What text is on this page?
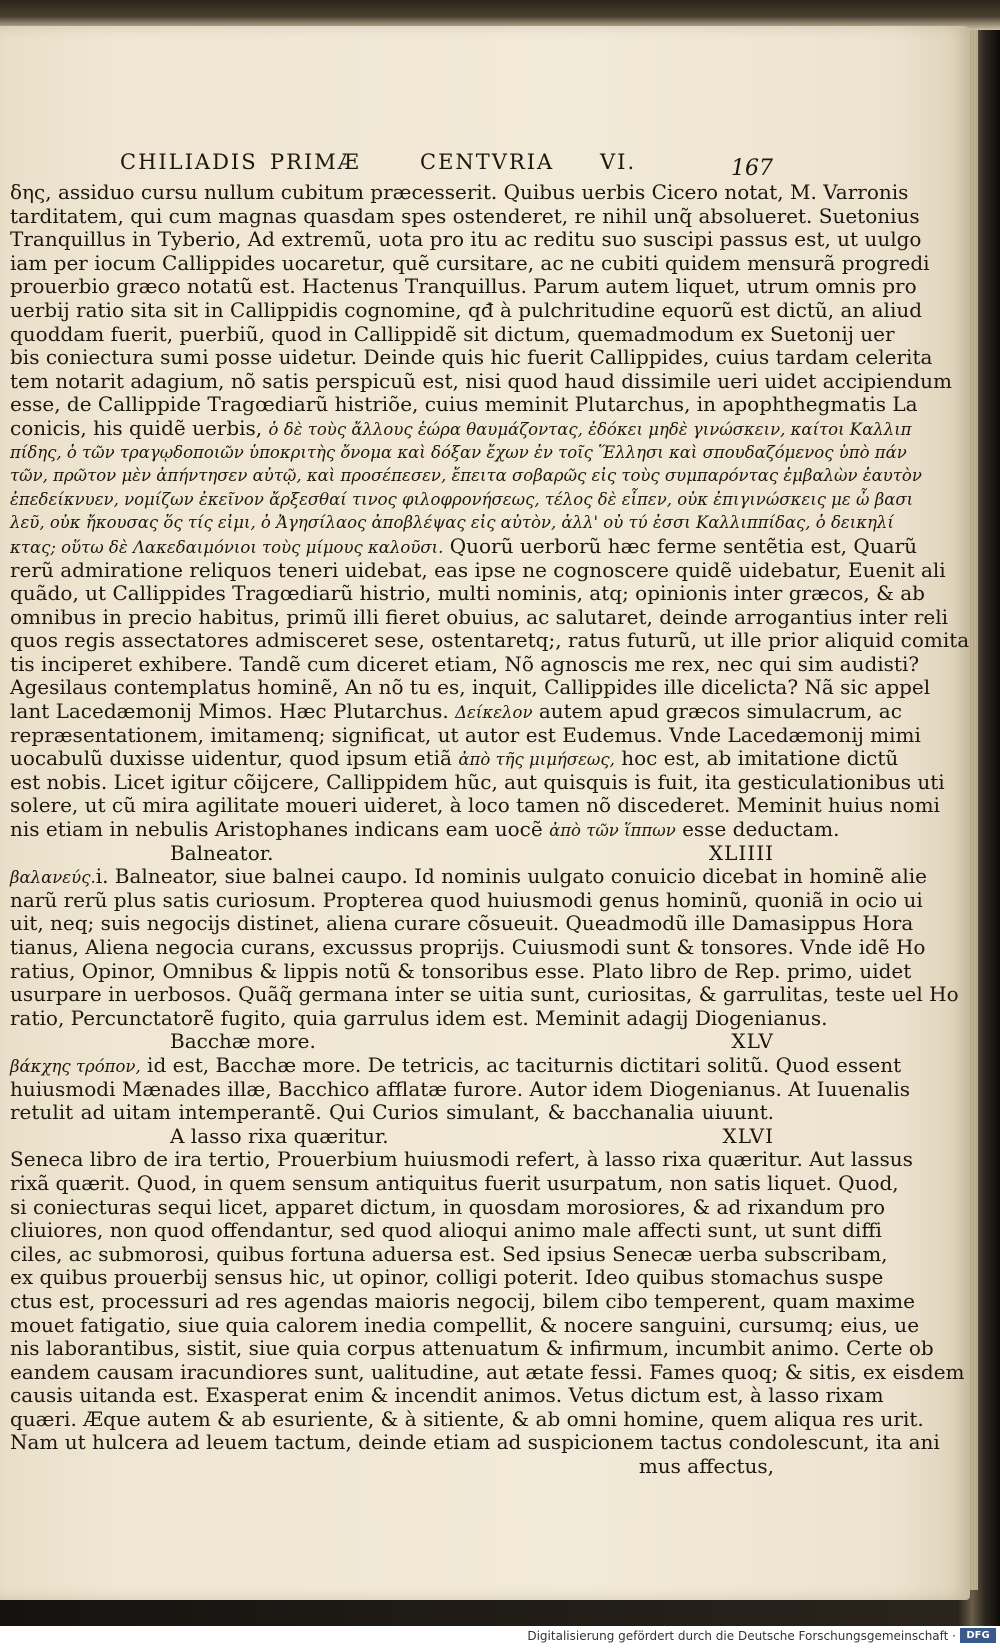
CHILIADIS PRIMÆ	CENTVRIA VI.	167
δης, assiduo cursu nullum cubitum præcesserit. Quibus uerbis Cicero notat, M. Varronis
tarditatem, qui cum magnas quasdam spes ostenderet, re nihil unq̃ absolueret. Suetonius
Tranquillus in Tyberio, Ad extremũ, uota pro itu ac reditu suo suscipi passus est, ut uulgo
iam per iocum Callippides uocaretur, quẽ cursitare, ac ne cubiti quidem mensurã progredi
prouerbio græco notatũ est. Hactenus Tranquillus. Parum autem liquet, utrum omnis pro
uerbij ratio sita sit in Callippidis cognomine, qđ à pulchritudine equorũ est dictũ, an aliud
quoddam fuerit, puerbiũ, quod in Callippidẽ sit dictum, quemadmodum ex Suetonij uer
bis coniectura sumi posse uidetur. Deinde quis hic fuerit Callippides, cuius tardam celerita
tem notarit adagium, nõ satis perspicuũ est, nisi quod haud dissimile ueri uidet accipiendum
esse, de Callippide Tragœdiarũ histriõe, cuius meminit Plutarchus, in apophthegmatis La
conicis, his quidẽ uerbis, ὁ δὲ τοὺς ἄλλους ἑώρα θαυμάζοντας, ἐδόκει μηδὲ γινώσκειν, καίτοι Καλλιπ
πίδης, ὁ τῶν τραγῳδοποιῶν ὑποκριτὴς ὄνομα καὶ δόξαν ἔχων ἐν τοῖς Ἕλλησι καὶ σπουδαζόμενος ὑπὸ πάν
τῶν, πρῶτον μὲν ἀπήντησεν αὐτῷ, καὶ προσέπεσεν, ἔπειτα σοβαρῶς εἰς τοὺς συμπαρόντας ἐμβαλὼν ἑαυτὸν
ἐπεδείκνυεν, νομίζων ἐκεῖνον ἄρξεσθαί τινος φιλοφρονήσεως, τέλος δὲ εἶπεν, οὐκ ἐπιγινώσκεις με ὦ βασι
λεῦ, οὐκ ἤκουσας ὅς τίς εἰμι, ὁ Ἀγησίλαος ἀποβλέψας εἰς αὐτὸν, ἀλλ' οὐ τύ ἐσσι Καλλιππίδας, ὁ δεικηλί
κτας; οὕτω δὲ Λακεδαιμόνιοι τοὺς μίμους καλοῦσι. Quorũ uerborũ hæc ferme sentẽtia est, Quarũ
rerũ admiratione reliquos teneri uidebat, eas ipse ne cognoscere quidẽ uidebatur, Euenit ali
quãdo, ut Callippides Tragœdiarũ histrio, multi nominis, atq; opinionis inter græcos, & ab
omnibus in precio habitus, primũ illi fieret obuius, ac salutaret, deinde arrogantius inter reli
quos regis assectatores admisceret sese, ostentaretq;, ratus futurũ, ut ille prior aliquid comita
tis inciperet exhibere. Tandẽ cum diceret etiam, Nõ agnoscis me rex, nec qui sim audisti?
Agesilaus contemplatus hominẽ, An nõ tu es, inquit, Callippides ille dicelicta? Nã sic appel
lant Lacedæmonij Mimos. Hæc Plutarchus. Δείκελον autem apud græcos simulacrum, ac
repræsentationem, imitamenq; significat, ut autor est Eudemus. Vnde Lacedæmonij mimi
uocabulũ duxisse uidentur, quod ipsum etiã ἀπὸ τῆς μιμήσεως, hoc est, ab imitatione dictũ
est nobis. Licet igitur cõijcere, Callippidem hũc, aut quisquis is fuit, ita gesticulationibus uti
solere, ut cũ mira agilitate moueri uideret, à loco tamen nõ discederet. Meminit huius nomi
nis etiam in nebulis Aristophanes indicans eam uocẽ ἀπὸ τῶν ἵππων esse deductam.
Balneator.	XLIIII
βαλανεύς.i. Balneator, siue balnei caupo. Id nominis uulgato conuicio dicebat in hominẽ alie
narũ rerũ plus satis curiosum. Propterea quod huiusmodi genus hominũ, quoniã in ocio ui
uit, neq; suis negocijs distinet, aliena curare cõsueuit. Queadmodũ ille Damasippus Hora
tianus, Aliena negocia curans, excussus proprijs. Cuiusmodi sunt & tonsores. Vnde idẽ Ho
ratius, Opinor, Omnibus & lippis notũ & tonsoribus esse. Plato libro de Rep. primo, uidet
usurpare in uerbosos. Quãq̃ germana inter se uitia sunt, curiositas, & garrulitas, teste uel Ho
ratio, Percunctatorẽ fugito, quia garrulus idem est. Meminit adagij Diogenianus.
Bacchæ more.	XLV
βάκχης τρόπον, id est, Bacchæ more. De tetricis, ac taciturnis dictitari solitũ. Quod essent
huiusmodi Mænades illæ, Bacchico afflatæ furore. Autor idem Diogenianus. At Iuuenalis
retulit ad uitam intemperantẽ. Qui Curios simulant, & bacchanalia uiuunt.
A lasso rixa quæritur.	XLVI
Seneca libro de ira tertio, Prouerbium huiusmodi refert, à lasso rixa quæritur. Aut lassus
rixã quærit. Quod, in quem sensum antiquitus fuerit usurpatum, non satis liquet. Quod,
si coniecturas sequi licet, apparet dictum, in quosdam morosiores, & ad rixandum pro
cliuiores, non quod offendantur, sed quod alioqui animo male affecti sunt, ut sunt diffi
ciles, ac submorosi, quibus fortuna aduersa est. Sed ipsius Senecæ uerba subscribam,
ex quibus prouerbij sensus hic, ut opinor, colligi poterit. Ideo quibus stomachus suspe
ctus est, processuri ad res agendas maioris negocij, bilem cibo temperent, quam maxime
mouet fatigatio, siue quia calorem inedia compellit, & nocere sanguini, cursumq; eius, ue
nis laborantibus, sistit, siue quia corpus attenuatum & infirmum, incumbit animo. Certe ob
eandem causam iracundiores sunt, ualitudine, aut ætate fessi. Fames quoq; & sitis, ex eisdem
causis uitanda est. Exasperat enim & incendit animos. Vetus dictum est, à lasso rixam
quæri. Æque autem & ab esuriente, & à sitiente, & ab omni homine, quem aliqua res urit.
Nam ut hulcera ad leuem tactum, deinde etiam ad suspicionem tactus condolescunt, ita ani
mus affectus,
Digitalisierung gefördert durch die Deutsche Forschungsgemeinschaft ·	DFG
